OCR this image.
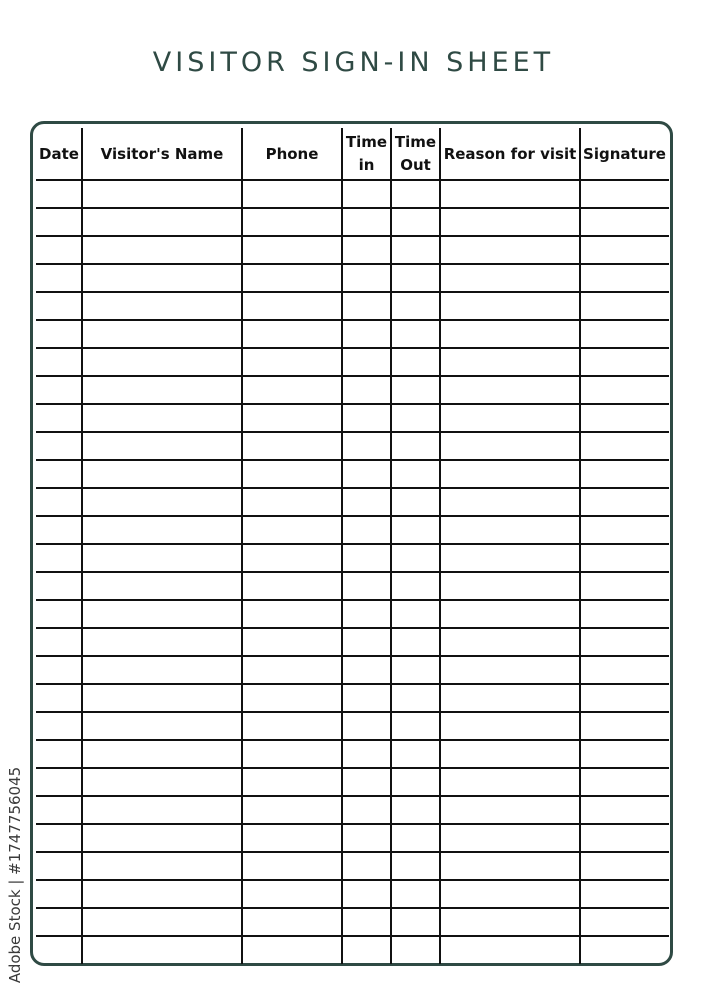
VISITOR SIGN-IN SHEET
Date Visitor's Name	Phone
Time
in
Time
Out
Reason for visit Signature
Adobe Stock | #1747756045
